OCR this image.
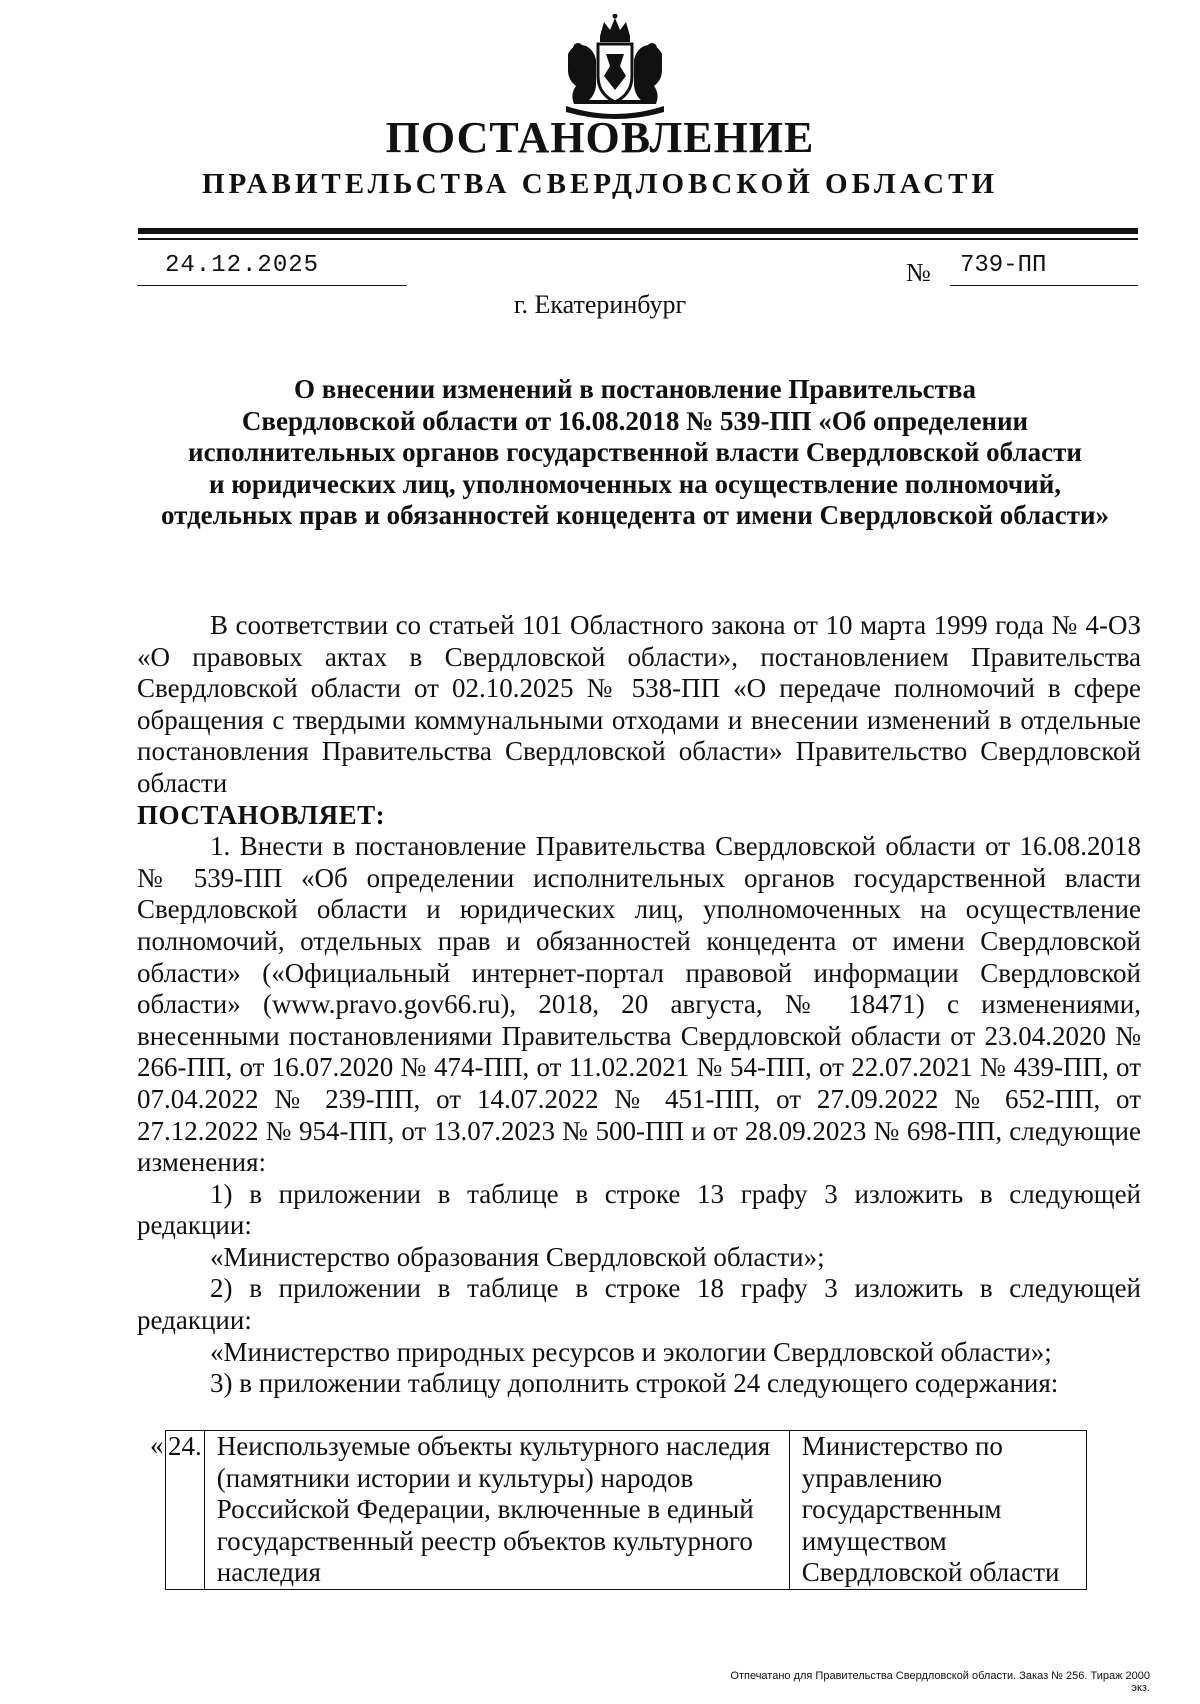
ПОСТАНОВЛЕНИЕ
ПРАВИТЕЛЬСТВА СВЕРДЛОВСКОЙ ОБЛАСТИ
24.12.2025	№	739-ПП
г. Екатеринбург
О внесении изменений в постановление Правительства
Свердловской области от 16.08.2018 № 539-ПП «Об определении
исполнительных органов государственной власти Свердловской области
и юридических лиц, уполномоченных на осуществление полномочий,
отдельных прав и обязанностей концедента от имени Свердловской области»

В соответствии со статьей 101 Областного закона от 10 марта 1999 года № 4-ОЗ «О правовых актах в Свердловской области», постановлением Правительства Свердловской области от 02.10.2025 № 538-ПП «О передаче полномочий в сфере обращения с твердыми коммунальными отходами и внесении изменений в отдельные постановления Правительства Свердловской области» Правительство Свердловской области

ПОСТАНОВЛЯЕТ:

1. Внести в постановление Правительства Свердловской области от 16.08.2018 № 539-ПП «Об определении исполнительных органов государственной власти Свердловской области и юридических лиц, уполномоченных на осуществление полномочий, отдельных прав и обязанностей концедента от имени Свердловской области» («Официальный интернет-портал правовой информации Свердловской области» (www.pravo.gov66.ru), 2018, 20 августа, № 18471) с изменениями, внесенными постановлениями Правительства Свердловской области от 23.04.2020 № 266-ПП, от 16.07.2020 № 474-ПП, от 11.02.2021 № 54-ПП, от 22.07.2021 № 439-ПП, от 07.04.2022 № 239-ПП, от 14.07.2022 № 451-ПП, от 27.09.2022 № 652-ПП, от 27.12.2022 № 954-ПП, от 13.07.2023 № 500-ПП и от 28.09.2023 № 698-ПП, следующие изменения:

1) в приложении в таблице в строке 13 графу 3 изложить в следующей редакции:

«Министерство образования Свердловской области»;

2) в приложении в таблице в строке 18 графу 3 изложить в следующей редакции:

«Министерство природных ресурсов и экологии Свердловской области»;

3) в приложении таблицу дополнить строкой 24 следующего содержания:

« 24.	Неиспользуемые объекты культурного наследия (памятники истории и культуры) народов Российской Федерации, включенные в единый государственный реестр объектов культурного наследия	Министерство по управлению государственным имуществом Свердловской области
Отпечатано для Правительства Свердловской области. Заказ № 256. Тираж 2000 экз.
